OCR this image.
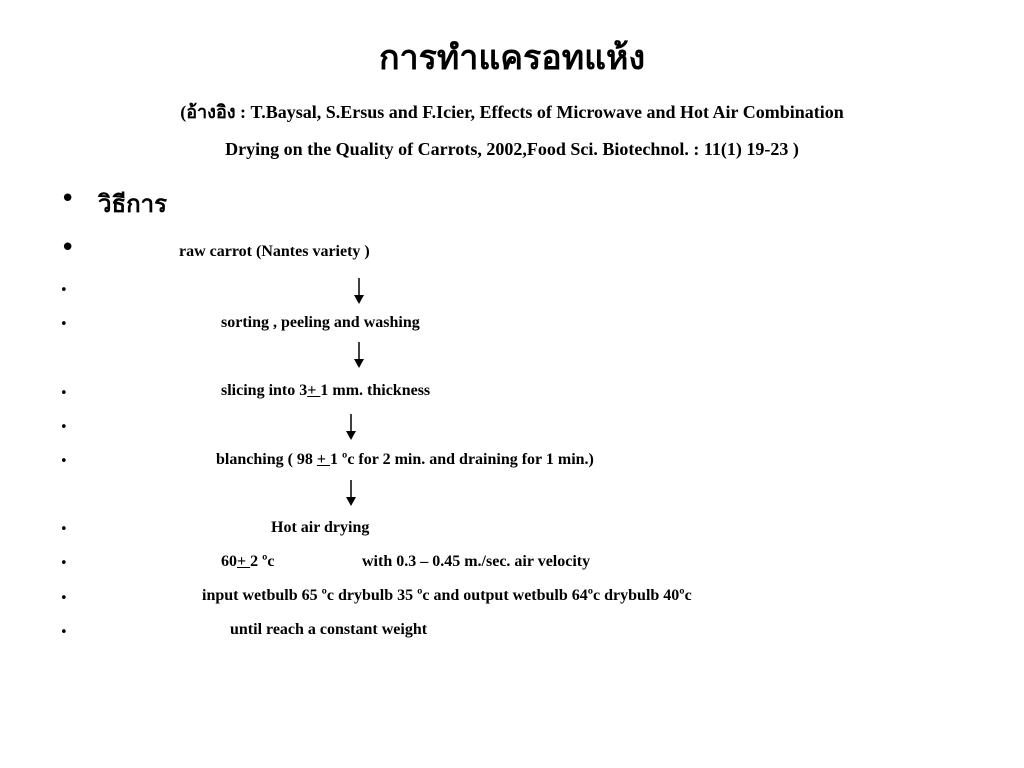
การทำแครอทแห้ง
(อ้างอิง : T.Baysal, S.Ersus and F.Icier, Effects of Microwave and Hot Air Combination
Drying on the Quality of Carrots, 2002,Food Sci. Biotechnol. : 11(1) 19-23 )
• วิธีการ
•	raw carrot (Nantes variety )
•
•	sorting , peeling and washing
•	slicing into 3+ 1 mm. thickness
•
•	blanching ( 98 + 1 ºc for 2 min. and draining for 1 min.)
•	Hot air drying
•	60+ 2 ºc	with 0.3 – 0.45 m./sec. air velocity
•	input wetbulb 65 ºc drybulb 35 ºc and output wetbulb 64ºc drybulb 40ºc
•	until reach a constant weight
